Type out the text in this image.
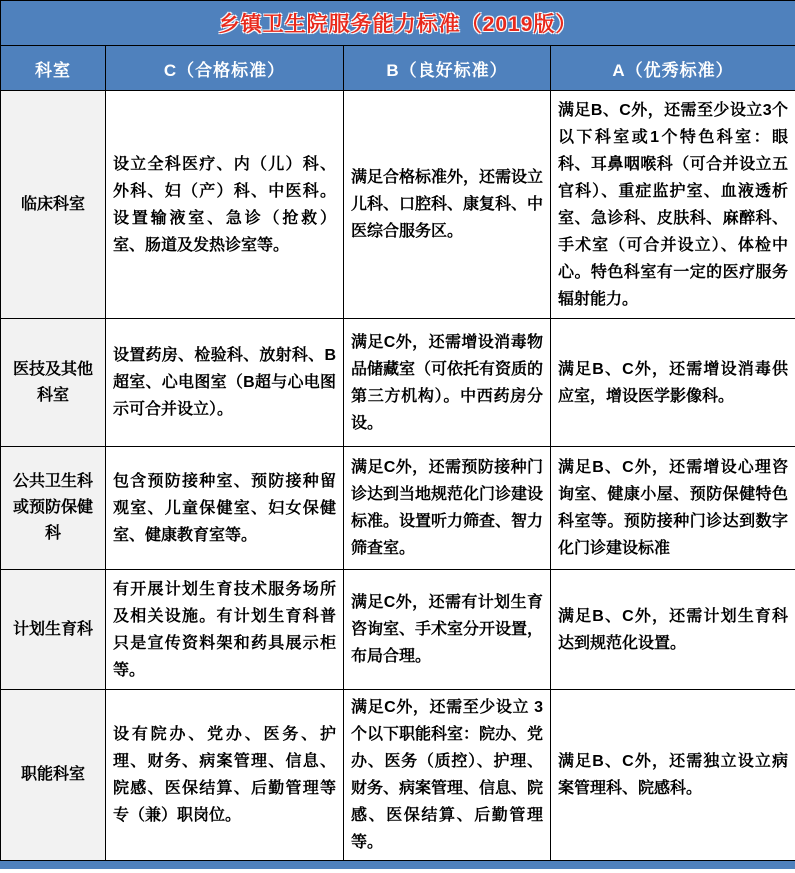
乡镇卫生院服务能力标准（2019版）			
科室	C（合格标准）	B（良好标准）	A（优秀标准）
临床科室	设立全科医疗、内（儿）科、外科、妇（产）科、中医科。设置输液室、急诊（抢救）室、肠道及发热诊室等。	满足合格标准外，还需设立儿科、口腔科、康复科、中医综合服务区。	满足B、C外，还需至少设立3个以下科室或1个特色科室：眼科、耳鼻咽喉科（可合并设立五官科）、重症监护室、血液透析室、急诊科、皮肤科、麻醉科、手术室（可合并设立）、体检中心。特色科室有一定的医疗服务辐射能力。
医技及其他科室	设置药房、检验科、放射科、B超室、心电图室（B超与心电图示可合并设立）。	满足C外，还需增设消毒物品储藏室（可依托有资质的第三方机构）。中西药房分设。	满足B、C外，还需增设消毒供应室，增设医学影像科。
公共卫生科或预防保健科	包含预防接种室、预防接种留观室、儿童保健室、妇女保健室、健康教育室等。	满足C外，还需预防接种门诊达到当地规范化门诊建设标准。设置听力筛查、智力筛查室。	满足B、C外，还需增设心理咨询室、健康小屋、预防保健特色科室等。预防接种门诊达到数字化门诊建设标准
计划生育科	有开展计划生育技术服务场所及相关设施。有计划生育科普只是宣传资料架和药具展示柜等。	满足C外，还需有计划生育咨询室、手术室分开设置，布局合理。	满足B、C外，还需计划生育科达到规范化设置。
职能科室	设有院办、党办、医务、护理、财务、病案管理、信息、院感、医保结算、后勤管理等专（兼）职岗位。	满足C外，还需至少设立 3 个以下职能科室：院办、党办、医务（质控）、护理、财务、病案管理、信息、院感、医保结算、后勤管理等。	满足B、C外，还需独立设立病案管理科、院感科。
